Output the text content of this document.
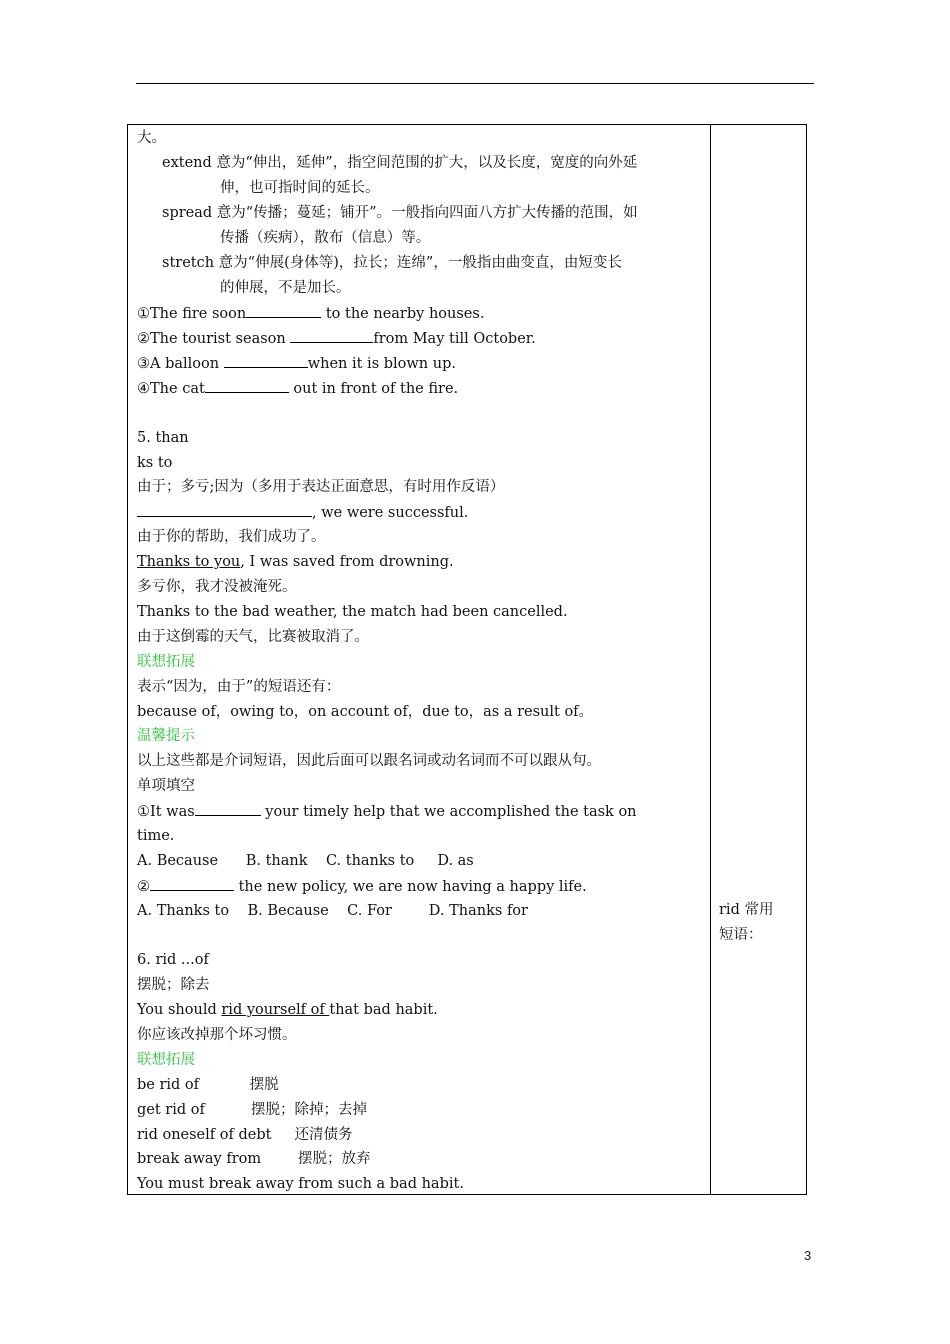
大。
extend 意为“伸出，延伸”，指空间范围的扩大，以及长度，宽度的向外延
伸，也可指时间的延长。
spread 意为“传播；蔓延；铺开”。一般指向四面八方扩大传播的范围，如
传播（疾病），散布（信息）等。
stretch 意为“伸展(身体等)，拉长；连绵”，一般指由曲变直，由短变长
的伸展，不是加长。
①The fire soon	to the nearby houses.
②The tourist season	from May till October.
③A balloon	when it is blown up.
④The cat	out in front of the fire.
5. than
ks to
由于；多亏;因为（多用于表达正面意思，有时用作反语）
, we were successful.
由于你的帮助，我们成功了。
Thanks to you, I was saved from drowning.
多亏你，我才没被淹死。
Thanks to the bad weather, the match had been cancelled.
由于这倒霉的天气，比赛被取消了。
联想拓展
表示“因为，由于”的短语还有：
because of，owing to，on account of，due to，as a result of。
温馨提示
以上这些都是介词短语，因此后面可以跟名词或动名词而不可以跟从句。
单项填空
①It was	your timely help that we accomplished the task on
time.
A. Because      B. thank    C. thanks to     D. as
②	the new policy, we are now having a happy life.
A. Thanks to    B. Because    C. For        D. Thanks for
6. rid ...of
摆脱；除去
You should rid yourself of that bad habit.
你应该改掉那个坏习惯。
联想拓展
be rid of           摆脱
get rid of          摆脱；除掉；去掉
rid oneself of debt     还清债务
break away from        摆脱；放弃
You must break away from such a bad habit.
rid 常用
短语：
3
